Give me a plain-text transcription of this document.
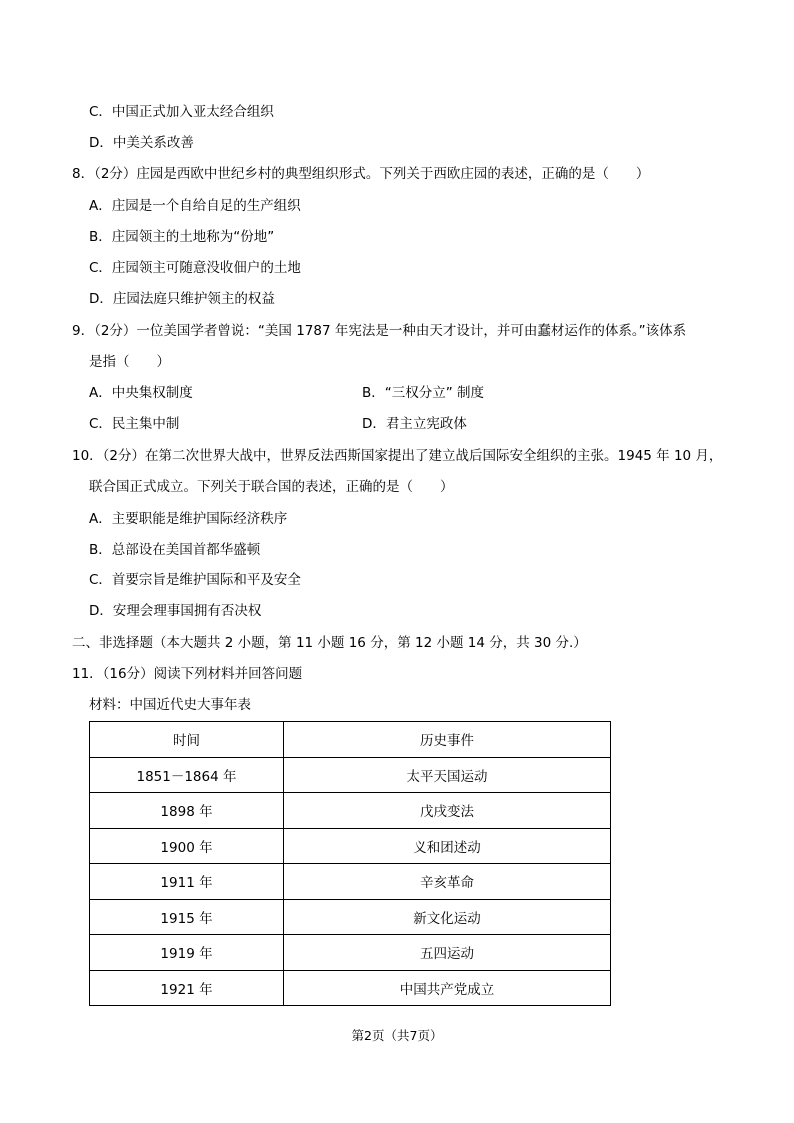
C．中国正式加入亚太经合组织
D．中美关系改善
8．（2分）庄园是西欧中世纪乡村的典型组织形式。下列关于西欧庄园的表述，正确的是（　　）
A．庄园是一个自给自足的生产组织
B．庄园领主的土地称为“份地”
C．庄园领主可随意没收佃户的土地
D．庄园法庭只维护领主的权益
9．（2分）一位美国学者曾说：“美国 1787 年宪法是一种由天才设计，并可由蠢材运作的体系。”该体系
是指（　　）
A．中央集权制度	B．“三权分立” 制度
C．民主集中制	D．君主立宪政体
10．（2分）在第二次世界大战中，世界反法西斯国家提出了建立战后国际安全组织的主张。1945 年 10 月，
联合国正式成立。下列关于联合国的表述，正确的是（　　）
A．主要职能是维护国际经济秩序
B．总部设在美国首都华盛顿
C．首要宗旨是维护国际和平及安全
D．安理会理事国拥有否决权
二、非选择题（本大题共 2 小题，第 11 小题 16 分，第 12 小题 14 分，共 30 分.）
11．（16分）阅读下列材料并回答问题
材料：中国近代史大事年表
时间	历史事件
1851－1864 年	太平天国运动
1898 年	戊戌变法
1900 年	义和团述动
1911 年	辛亥革命
1915 年	新文化运动
1919 年	五四运动
1921 年	中国共产党成立
第2页（共7页）
